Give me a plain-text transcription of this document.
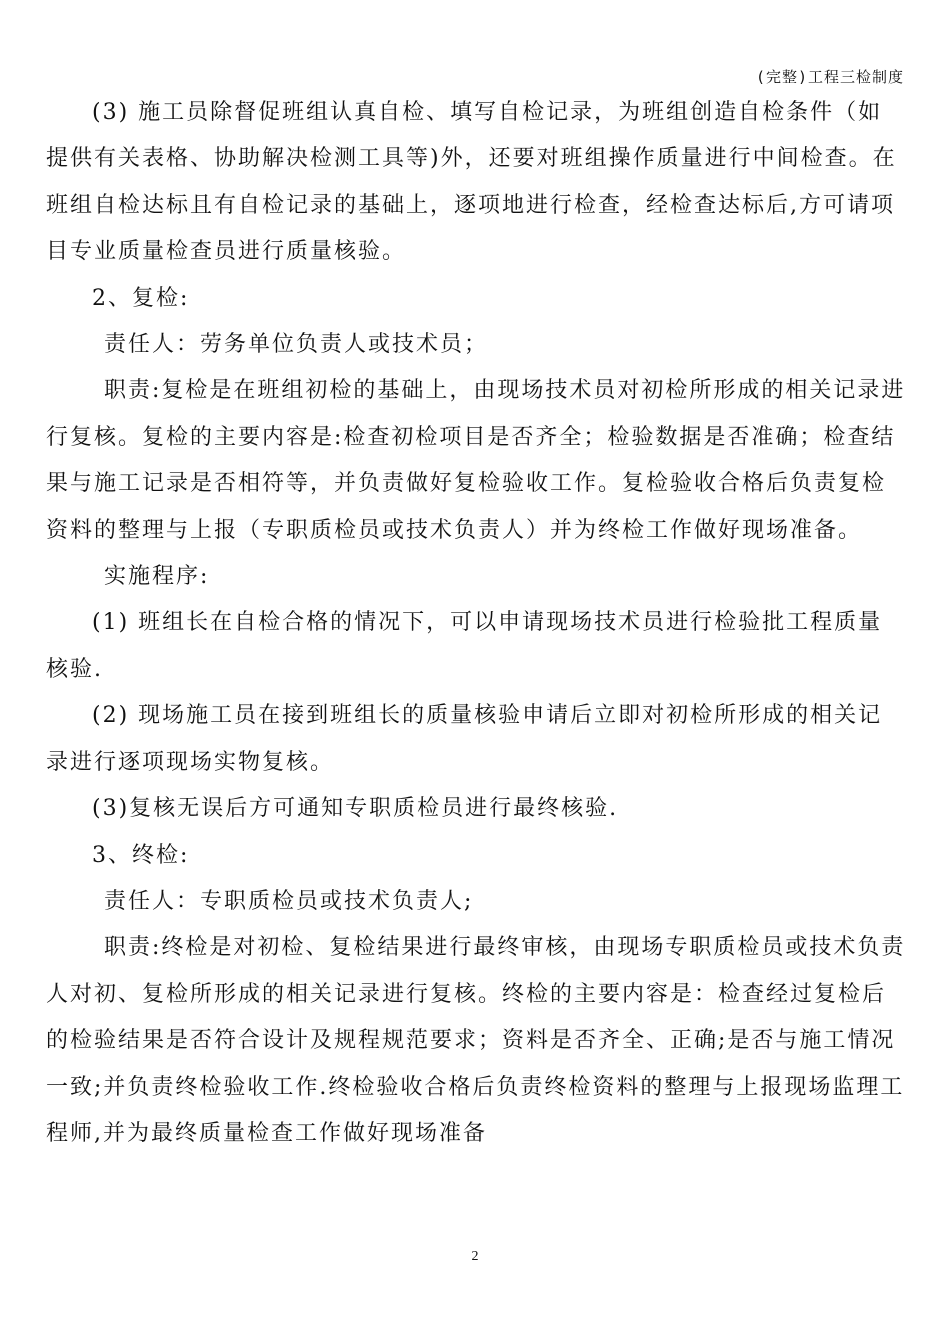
(完整)工程三检制度

(3) 施工员除督促班组认真自检、填写自检记录，为班组创造自检条件（如提供有关表格、协助解决检测工具等)外，还要对班组操作质量进行中间检查。在班组自检达标且有自检记录的基础上，逐项地进行检查，经检查达标后,方可请项目专业质量检查员进行质量核验。

2、复检:

责任人：劳务单位负责人或技术员；

职责:复检是在班组初检的基础上，由现场技术员对初检所形成的相关记录进行复核。复检的主要内容是:检查初检项目是否齐全；检验数据是否准确；检查结果与施工记录是否相符等，并负责做好复检验收工作。复检验收合格后负责复检资料的整理与上报（专职质检员或技术负责人）并为终检工作做好现场准备。

实施程序:

(1) 班组长在自检合格的情况下，可以申请现场技术员进行检验批工程质量核验.

(2) 现场施工员在接到班组长的质量核验申请后立即对初检所形成的相关记录进行逐项现场实物复核。

(3)复核无误后方可通知专职质检员进行最终核验.

3、终检:

责任人：专职质检员或技术负责人;

职责:终检是对初检、复检结果进行最终审核，由现场专职质检员或技术负责人对初、复检所形成的相关记录进行复核。终检的主要内容是：检查经过复检后的检验结果是否符合设计及规程规范要求；资料是否齐全、正确;是否与施工情况一致;并负责终检验收工作.终检验收合格后负责终检资料的整理与上报现场监理工程师,并为最终质量检查工作做好现场准备

2
